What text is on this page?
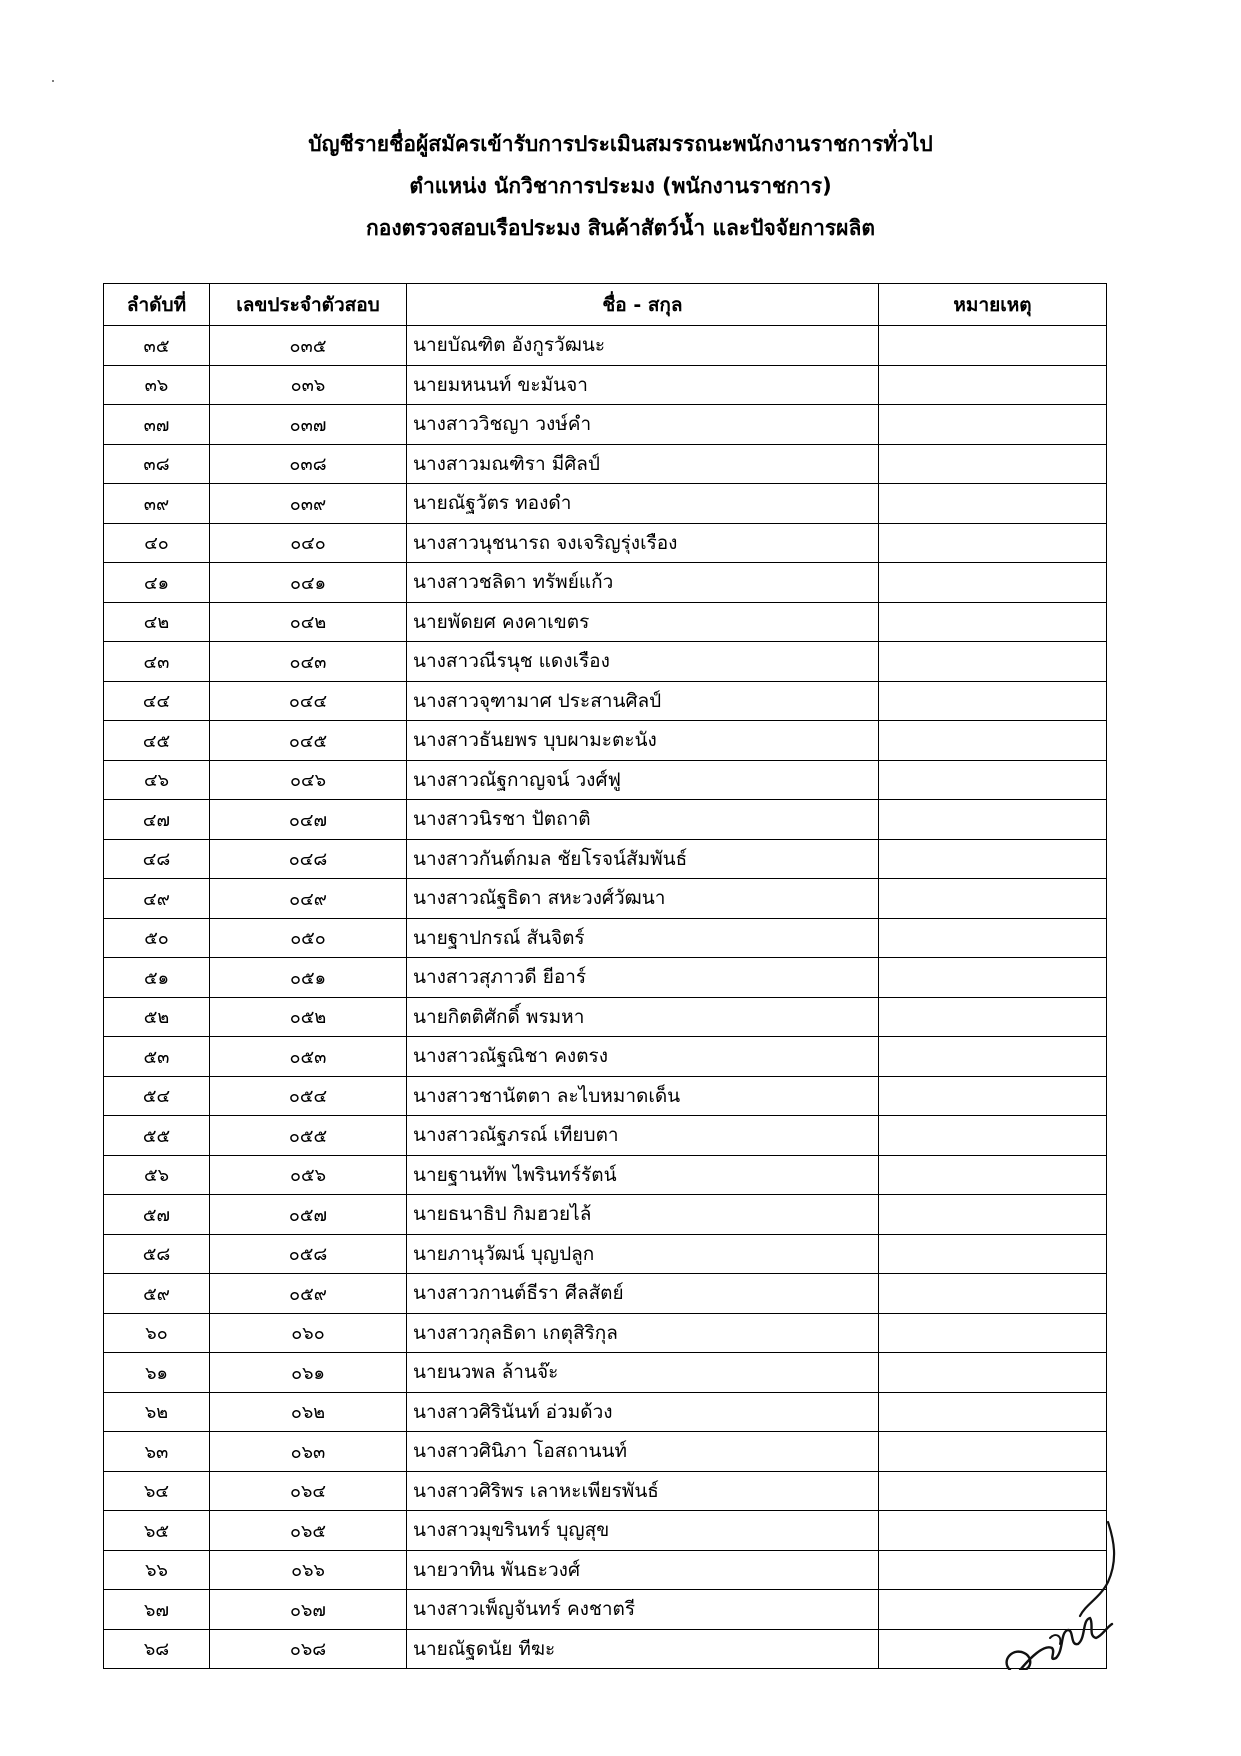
บัญชีรายชื่อผู้สมัครเข้ารับการประเมินสมรรถนะพนักงานราชการทั่วไป
ตำแหน่ง นักวิชาการประมง (พนักงานราชการ)
กองตรวจสอบเรือประมง สินค้าสัตว์น้ำ และปัจจัยการผลิต
ลำดับที่	เลขประจำตัวสอบ	ชื่อ - สกุล	หมายเหตุ
๓๕	๐๓๕	นายบัณฑิต อังกูรวัฒนะ	
๓๖	๐๓๖	นายมหนนท์ ขะมันจา	
๓๗	๐๓๗	นางสาววิชญา วงษ์คำ	
๓๘	๐๓๘	นางสาวมณฑิรา มีศิลป์	
๓๙	๐๓๙	นายณัฐวัตร ทองดำ	
๔๐	๐๔๐	นางสาวนุชนารถ จงเจริญรุ่งเรือง	
๔๑	๐๔๑	นางสาวชลิดา ทรัพย์แก้ว	
๔๒	๐๔๒	นายพัดยศ คงคาเขตร	
๔๓	๐๔๓	นางสาวณีรนุช แดงเรือง	
๔๔	๐๔๔	นางสาวจุฑามาศ ประสานศิลป์	
๔๕	๐๔๕	นางสาวธันยพร บุบผามะตะนัง	
๔๖	๐๔๖	นางสาวณัฐกาญจน์ วงศ์ฟู	
๔๗	๐๔๗	นางสาวนิรชา ปัตถาติ	
๔๘	๐๔๘	นางสาวกันต์กมล ชัยโรจน์สัมพันธ์	
๔๙	๐๔๙	นางสาวณัฐธิดา สหะวงศ์วัฒนา	
๕๐	๐๕๐	นายฐาปกรณ์ สันจิตร์	
๕๑	๐๕๑	นางสาวสุภาวดี ยีอาร์	
๕๒	๐๕๒	นายกิตติศักดิ์ พรมหา	
๕๓	๐๕๓	นางสาวณัฐณิชา คงตรง	
๕๔	๐๕๔	นางสาวชานัตตา ละไบหมาดเด็น	
๕๕	๐๕๕	นางสาวณัฐภรณ์ เทียบตา	
๕๖	๐๕๖	นายฐานทัพ ไพรินทร์รัตน์	
๕๗	๐๕๗	นายธนาธิป กิมฮวยไล้	
๕๘	๐๕๘	นายภานุวัฒน์ บุญปลูก	
๕๙	๐๕๙	นางสาวกานต์ธีรา ศีลสัตย์	
๖๐	๐๖๐	นางสาวกุลธิดา เกตุสิริกุล	
๖๑	๐๖๑	นายนวพล ล้านจ๊ะ	
๖๒	๐๖๒	นางสาวศิรินันท์ อ่วมด้วง	
๖๓	๐๖๓	นางสาวศินิภา โอสถานนท์	
๖๔	๐๖๔	นางสาวศิริพร เลาหะเพียรพันธ์	
๖๕	๐๖๕	นางสาวมุขรินทร์ บุญสุข	
๖๖	๐๖๖	นายวาทิน พันธะวงศ์	
๖๗	๐๖๗	นางสาวเพ็ญจันทร์ คงชาตรี	
๖๘	๐๖๘	นายณัฐดนัย ทีฆะ	
